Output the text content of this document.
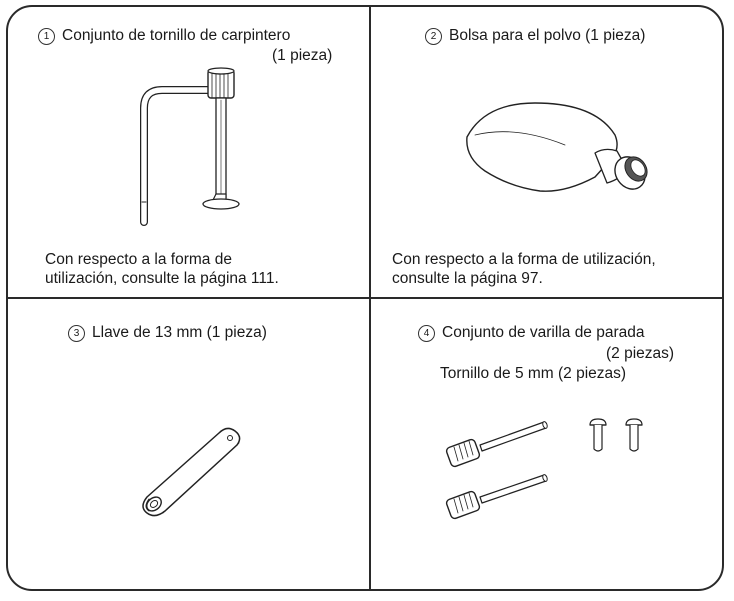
1 Conjunto de tornillo de carpintero
(1 pieza)
Con respecto a la forma de
utilización, consulte la página 111.
2 Bolsa para el polvo (1 pieza)
Con respecto a la forma de utilización,
consulte la página 97.
3 Llave de 13 mm (1 pieza)	4 Conjunto de varilla de parada
(2 piezas)
Tornillo de 5 mm (2 piezas)
